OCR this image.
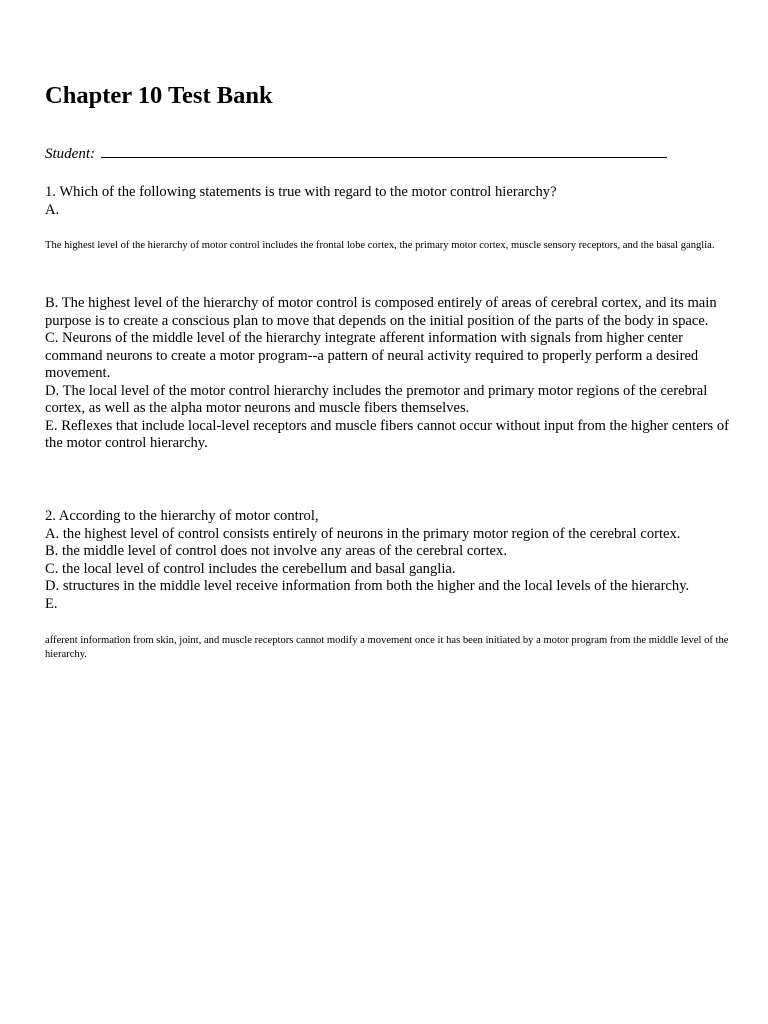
Chapter 10 Test Bank
Student:

1. Which of the following statements is true with regard to the motor control hierarchy?

A.

The highest level of the hierarchy of motor control includes the frontal lobe cortex, the primary motor cortex, muscle sensory receptors, and the basal ganglia.

B. The highest level of the hierarchy of motor control is composed entirely of areas of cerebral cortex, and its main purpose is to create a conscious plan to move that depends on the initial position of the parts of the body in space.

C. Neurons of the middle level of the hierarchy integrate afferent information with signals from higher center command neurons to create a motor program--a pattern of neural activity required to properly perform a desired movement.

D. The local level of the motor control hierarchy includes the premotor and primary motor regions of the cerebral cortex, as well as the alpha motor neurons and muscle fibers themselves.

E. Reflexes that include local-level receptors and muscle fibers cannot occur without input from the higher centers of the motor control hierarchy.

2. According to the hierarchy of motor control,

A. the highest level of control consists entirely of neurons in the primary motor region of the cerebral cortex.

B. the middle level of control does not involve any areas of the cerebral cortex.

C. the local level of control includes the cerebellum and basal ganglia.

D. structures in the middle level receive information from both the higher and the local levels of the hierarchy.

E.

afferent information from skin, joint, and muscle receptors cannot modify a movement once it has been initiated by a motor program from the middle level of the hierarchy.
